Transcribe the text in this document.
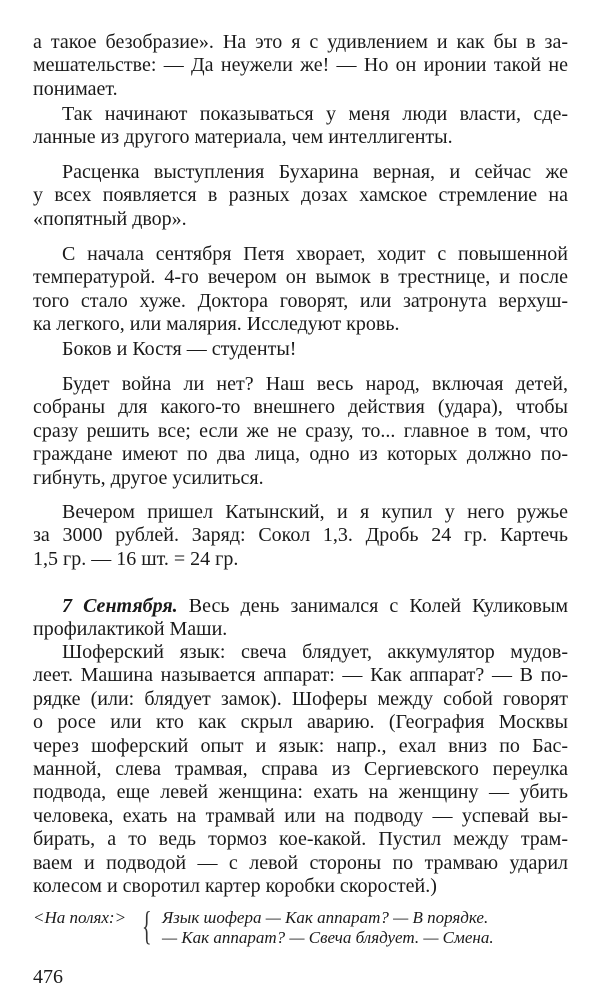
а такое безобразие». На это я с удивлением и как бы в за-
мешательстве: — Да неужели же! — Но он иронии такой не
понимает.
Так начинают показываться у меня люди власти, сде-
ланные из другого материала, чем интеллигенты.
Расценка выступления Бухарина верная, и сейчас же
у всех появляется в разных дозах хамское стремление на
«попятный двор».
С начала сентября Петя хворает, ходит с повышенной
температурой. 4-го вечером он вымок в трестнице, и после
того стало хуже. Доктора говорят, или затронута верхуш-
ка легкого, или малярия. Исследуют кровь.
Боков и Костя — студенты!
Будет война ли нет? Наш весь народ, включая детей,
собраны для какого-то внешнего действия (удара), чтобы
сразу решить все; если же не сразу, то... главное в том, что
граждане имеют по два лица, одно из которых должно по-
гибнуть, другое усилиться.
Вечером пришел Катынский, и я купил у него ружье
за 3000 рублей. Заряд: Сокол 1,3. Дробь 24 гр. Картечь
1,5 гр. — 16 шт. = 24 гр.
7 Сентября. Весь день занимался с Колей Куликовым
профилактикой Маши.
Шоферский язык: свеча блядует, аккумулятор мудов-
леет. Машина называется аппарат: — Как аппарат? — В по-
рядке (или: блядует замок). Шоферы между собой говорят
о росе или кто как скрыл аварию. (География Москвы
через шоферский опыт и язык: напр., ехал вниз по Бас-
манной, слева трамвая, справа из Сергиевского переулка
подвода, еще левей женщина: ехать на женщину — убить
человека, ехать на трамвай или на подводу — успевай вы-
бирать, а то ведь тормоз кое-какой. Пустил между трам-
ваем и подводой — с левой стороны по трамваю ударил
колесом и своротил картер коробки скоростей.)
<На полях:> { Язык шофера — Как аппарат? — В порядке.
— Как аппарат? — Свеча блядует. — Смена.
476
